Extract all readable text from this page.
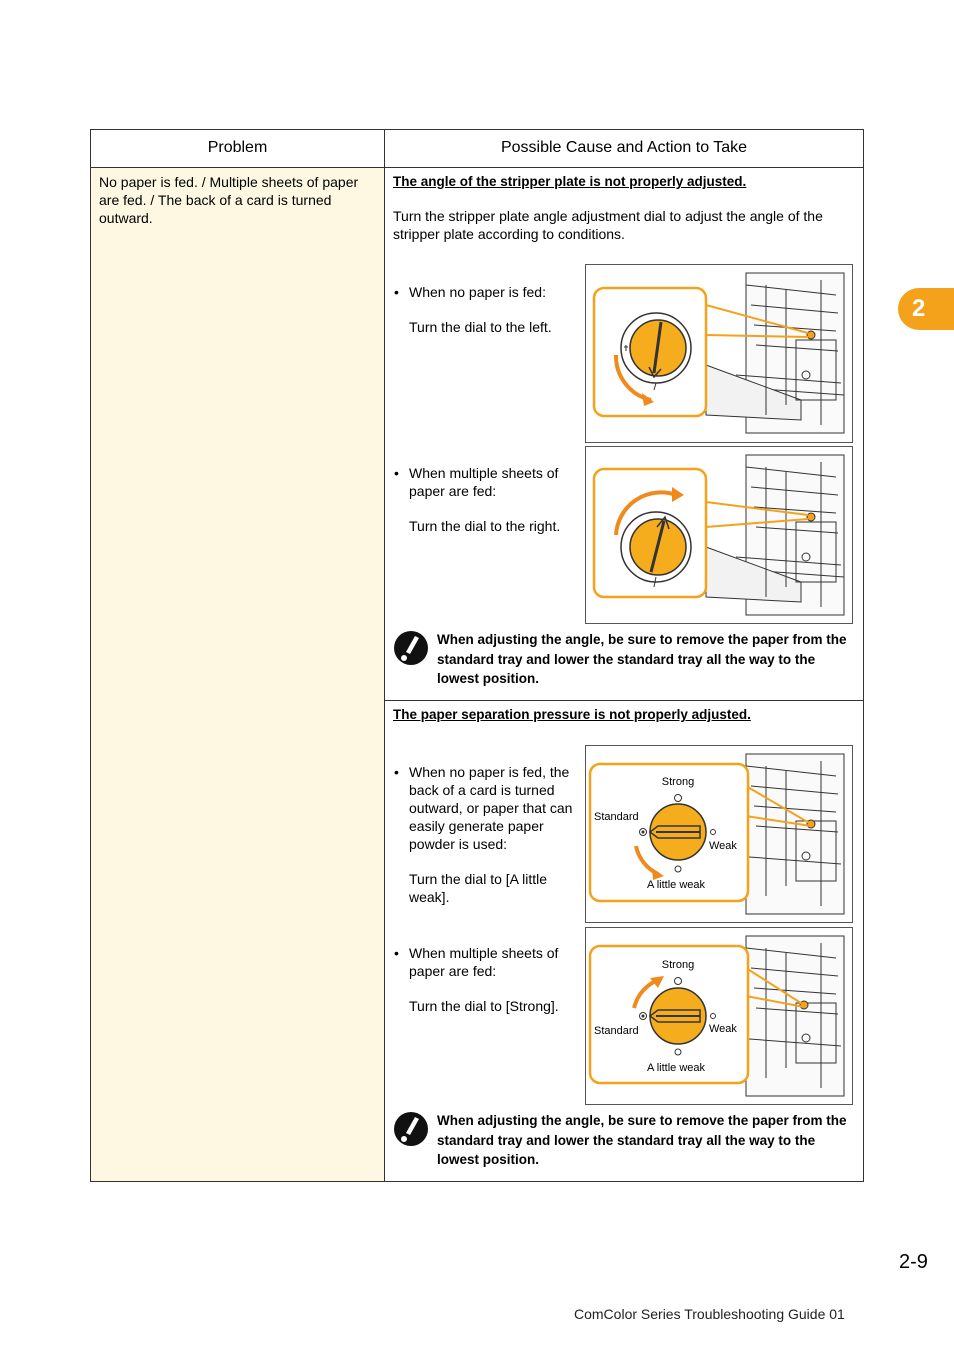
2
Problem	Possible Cause and Action to Take
No paper is fed. / Multiple sheets of paper are fed. / The back of a card is turned outward.
The angle of the stripper plate is not properly adjusted.
Turn the stripper plate angle adjustment dial to adjust the angle of the stripper plate according to conditions.
• When no paper is fed:
Turn the dial to the left.
• When multiple sheets of paper are fed:
Turn the dial to the right.
When adjusting the angle, be sure to remove the paper from the standard tray and lower the standard tray all the way to the lowest position.
The paper separation pressure is not properly adjusted.
• When no paper is fed, the back of a card is turned outward, or paper that can easily generate paper powder is used:
Turn the dial to [A little weak].
Strong
Standard
Weak
A little weak
• When multiple sheets of paper are fed:
Turn the dial to [Strong].
Strong
Standard	Weak
A little weak
When adjusting the angle, be sure to remove the paper from the standard tray and lower the standard tray all the way to the lowest position.
2-9
ComColor Series Troubleshooting Guide 01
